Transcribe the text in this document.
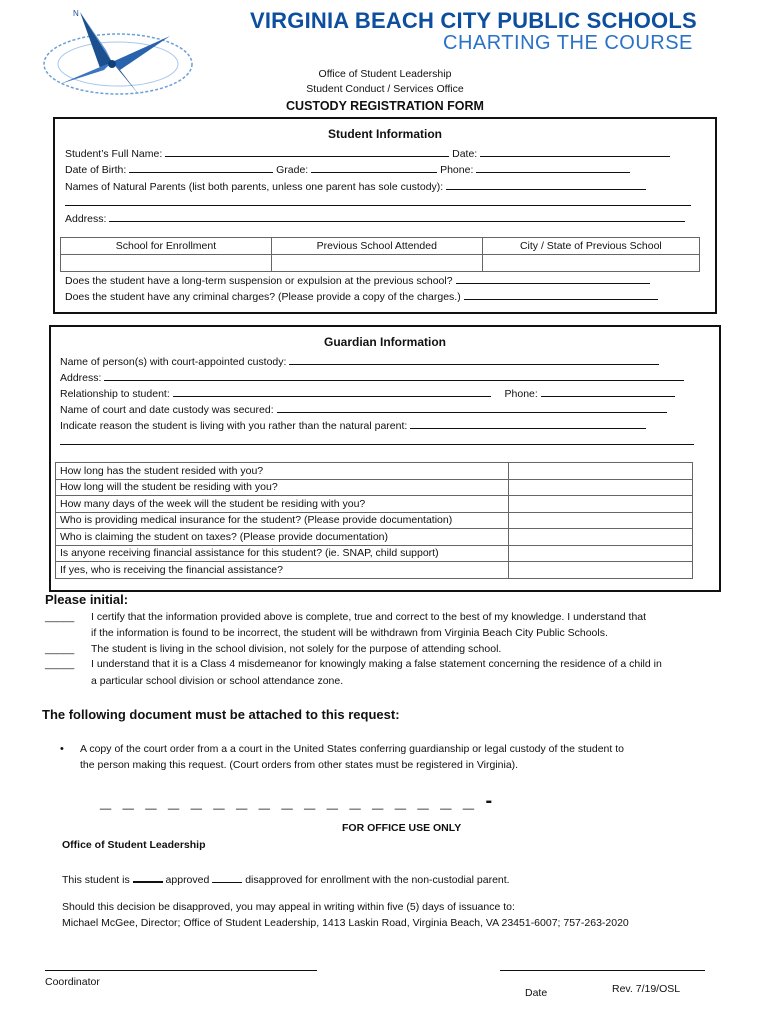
N	VIRGINIA BEACH CITY PUBLIC SCHOOLS
CHARTING THE COURSE
Office of Student Leadership
Student Conduct / Services Office
CUSTODY REGISTRATION FORM
Student Information
Student’s Full Name:	Date:
Date of Birth:	Grade:	Phone:
Names of Natural Parents (list both parents, unless one parent has sole custody):
Address:
School for Enrollment	Previous School Attended	City / State of Previous School

Does the student have a long-term suspension or expulsion at the previous school?
Does the student have any criminal charges? (Please provide a copy of the charges.)
Guardian Information
Name of person(s) with court-appointed custody:
Address:
Relationship to student:	Phone:
Name of court and date custody was secured:
Indicate reason the student is living with you rather than the natural parent:
How long has the student resided with you?	
How long will the student be residing with you?	
How many days of the week will the student be residing with you?	
Who is providing medical insurance for the student? (Please provide documentation)	
Who is claiming the student on taxes? (Please provide documentation)	
Is anyone receiving financial assistance for this student? (ie. SNAP, child support)	
If yes, who is receiving the financial assistance?	
Please initial:
_____ I certify that the information provided above is complete, true and correct to the best of my knowledge. I understand that
if the information is found to be incorrect, the student will be withdrawn from Virginia Beach City Public Schools.
_____ The student is living in the school division, not solely for the purpose of attending school.
_____ I understand that it is a Class 4 misdemeanor for knowingly making a false statement concerning the residence of a child in
a particular school division or school attendance zone.
The following document must be attached to this request:
• A copy of the court order from a a court in the United States conferring guardianship or legal custody of the student to
the person making this request. (Court orders from other states must be registered in Virginia).
_ _ _ _ _ _ _ _ _ _ _ _ _ _ _ _ _ -
FOR OFFICE USE ONLY
Office of Student Leadership
This student is	approved	disapproved for enrollment with the non-custodial parent.
Should this decision be disapproved, you may appeal in writing within five (5) days of issuance to:
Michael McGee, Director; Office of Student Leadership, 1413 Laskin Road, Virginia Beach, VA 23451-6007; 757-263-2020
Coordinator
Date	Rev. 7/19/OSL
